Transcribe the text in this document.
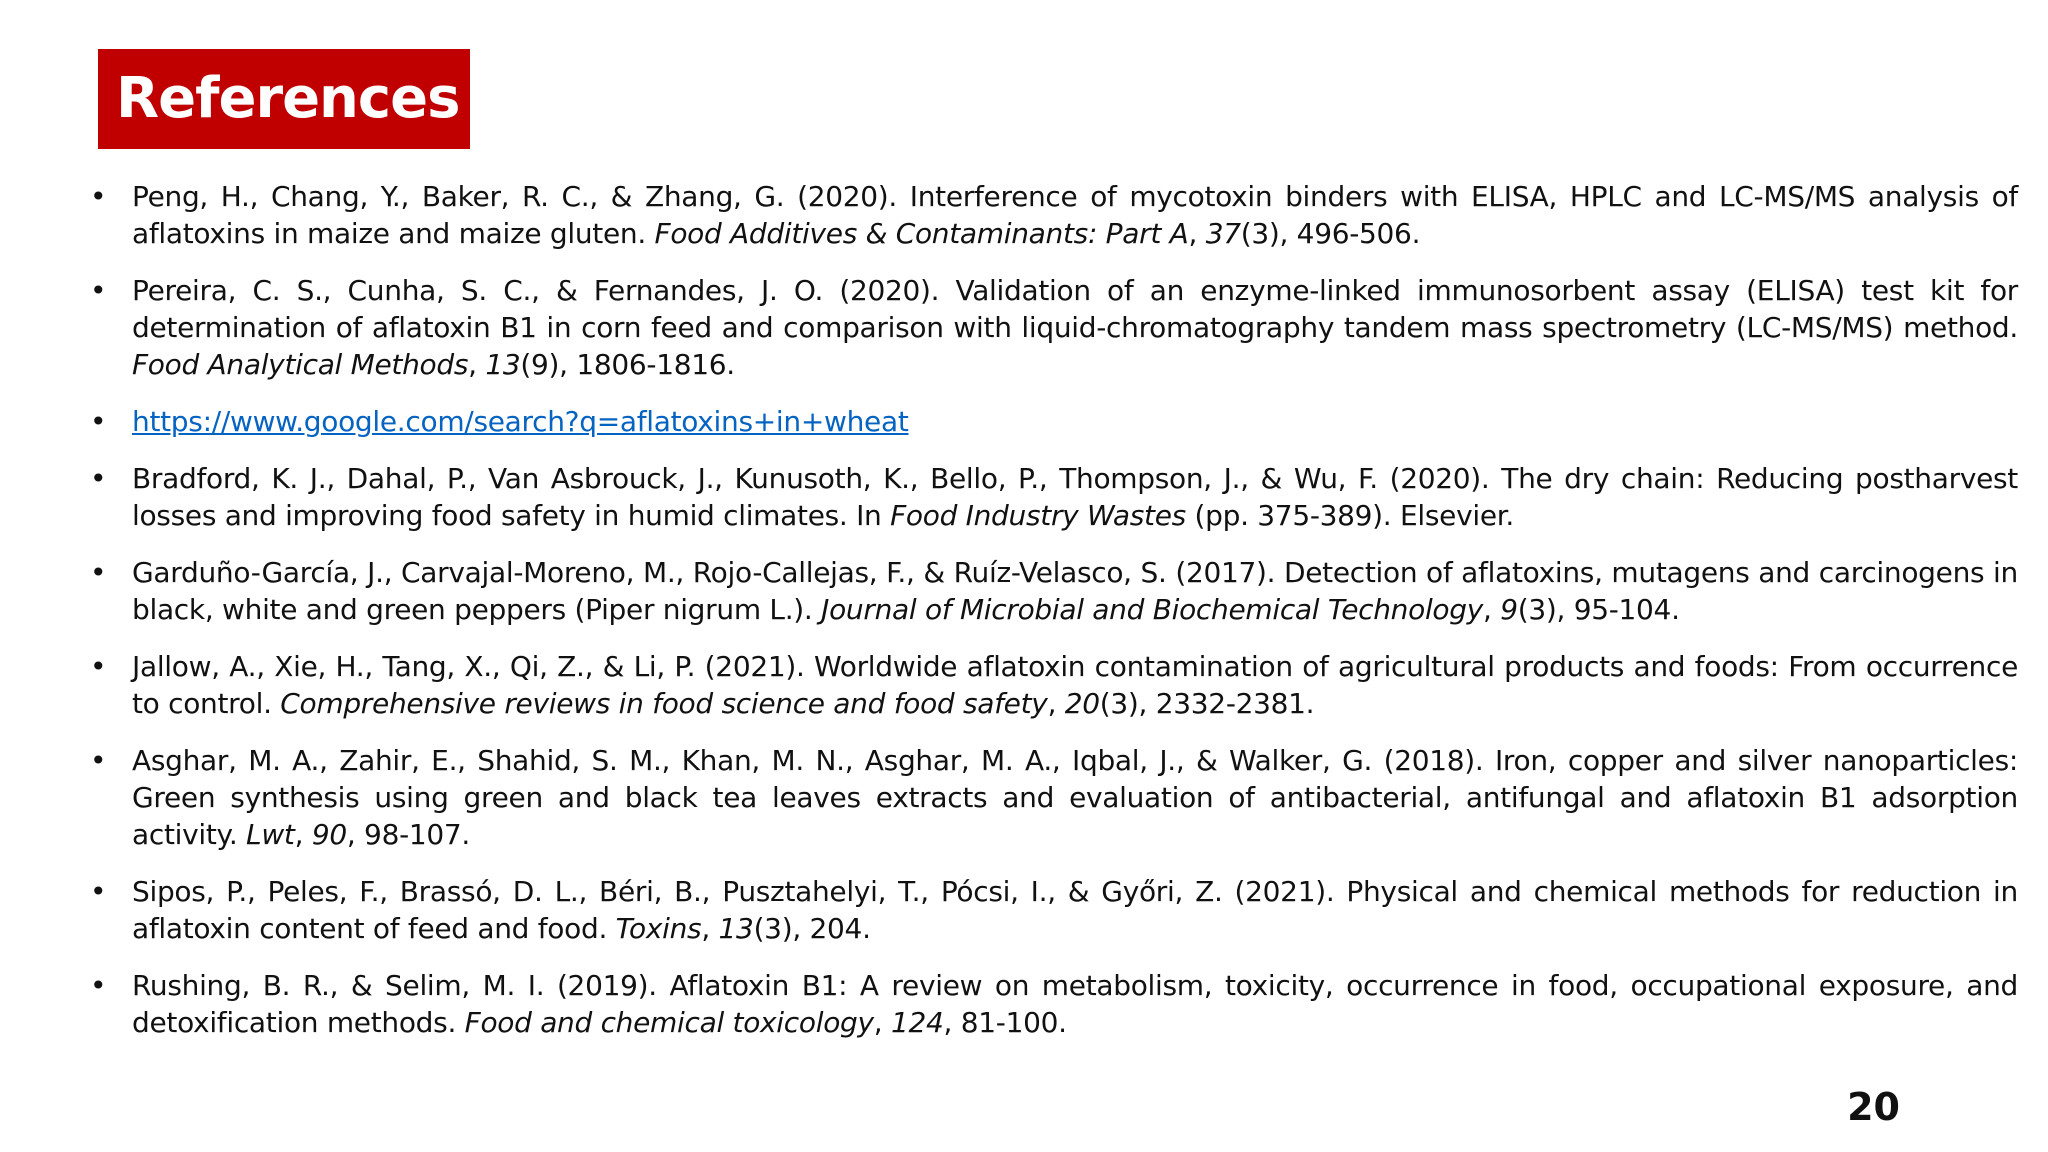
References
• Peng, H., Chang, Y., Baker, R. C., & Zhang, G. (2020). Interference of mycotoxin binders with ELISA, HPLC and LC-MS/MS analysis of aflatoxins in maize and maize gluten. Food Additives & Contaminants: Part A, 37(3), 496-506.
• Pereira, C. S., Cunha, S. C., & Fernandes, J. O. (2020). Validation of an enzyme-linked immunosorbent assay (ELISA) test kit for determination of aflatoxin B1 in corn feed and comparison with liquid-chromatography tandem mass spectrometry (LC-MS/MS) method. Food Analytical Methods, 13(9), 1806-1816.
• https://www.google.com/search?q=aflatoxins+in+wheat
• Bradford, K. J., Dahal, P., Van Asbrouck, J., Kunusoth, K., Bello, P., Thompson, J., & Wu, F. (2020). The dry chain: Reducing postharvest losses and improving food safety in humid climates. In Food Industry Wastes (pp. 375-389). Elsevier.
• Garduño-García, J., Carvajal-Moreno, M., Rojo-Callejas, F., & Ruíz-Velasco, S. (2017). Detection of aflatoxins, mutagens and carcinogens in black, white and green peppers (Piper nigrum L.). Journal of Microbial and Biochemical Technology, 9(3), 95-104.
• Jallow, A., Xie, H., Tang, X., Qi, Z., & Li, P. (2021). Worldwide aflatoxin contamination of agricultural products and foods: From occurrence to control. Comprehensive reviews in food science and food safety, 20(3), 2332-2381.
• Asghar, M. A., Zahir, E., Shahid, S. M., Khan, M. N., Asghar, M. A., Iqbal, J., & Walker, G. (2018). Iron, copper and silver nanoparticles: Green synthesis using green and black tea leaves extracts and evaluation of antibacterial, antifungal and aflatoxin B1 adsorption activity. Lwt, 90, 98-107.
• Sipos, P., Peles, F., Brassó, D. L., Béri, B., Pusztahelyi, T., Pócsi, I., & Győri, Z. (2021). Physical and chemical methods for reduction in aflatoxin content of feed and food. Toxins, 13(3), 204.
• Rushing, B. R., & Selim, M. I. (2019). Aflatoxin B1: A review on metabolism, toxicity, occurrence in food, occupational exposure, and detoxification methods. Food and chemical toxicology, 124, 81-100.
20
